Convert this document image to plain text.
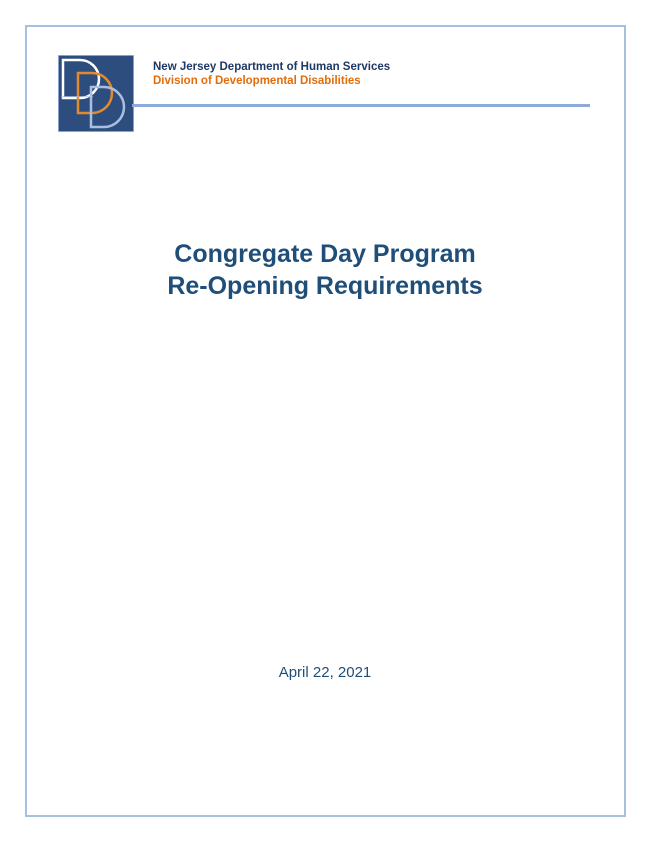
New Jersey Department of Human Services
Division of Developmental Disabilities
Congregate Day Program
Re-Opening Requirements
April 22, 2021
